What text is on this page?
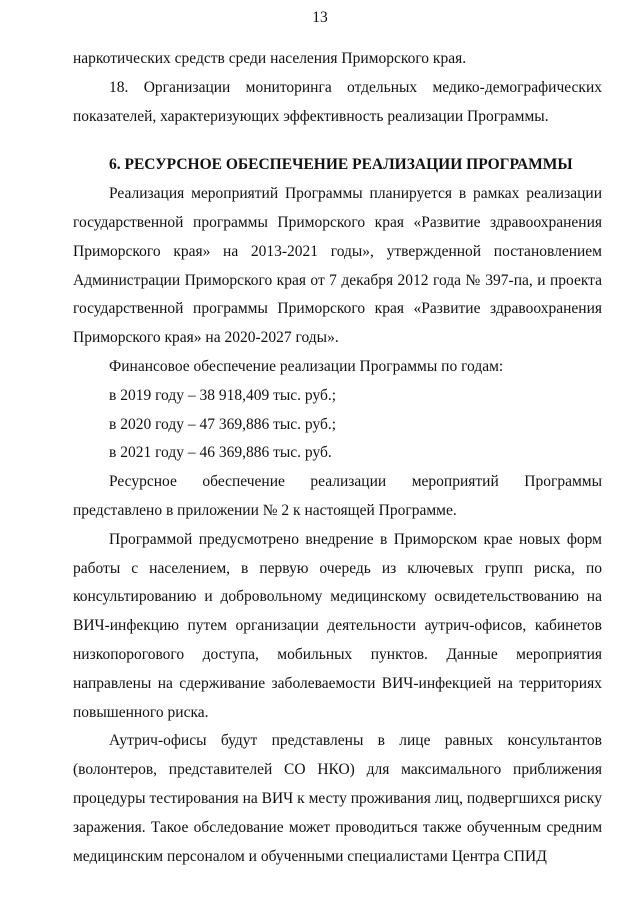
13

наркотических средств среди населения Приморского края.

18. Организации мониторинга отдельных медико-демографических показателей, характеризующих эффективность реализации Программы.

6. РЕСУРСНОЕ ОБЕСПЕЧЕНИЕ РЕАЛИЗАЦИИ ПРОГРАММЫ

Реализация мероприятий Программы планируется в рамках реализации государственной программы Приморского края «Развитие здравоохранения Приморского края» на 2013-2021 годы», утвержденной постановлением Администрации Приморского края от 7 декабря 2012 года № 397-па, и проекта государственной программы Приморского края «Развитие здравоохранения Приморского края» на 2020-2027 годы».

Финансовое обеспечение реализации Программы по годам:

в 2019 году – 38 918,409 тыс. руб.;

в 2020 году – 47 369,886 тыс. руб.;

в 2021 году – 46 369,886 тыс. руб.

Ресурсное обеспечение реализации мероприятий Программы

представлено в приложении № 2 к настоящей Программе.

Программой предусмотрено внедрение в Приморском крае новых форм работы с населением, в первую очередь из ключевых групп риска, по консультированию и добровольному медицинскому освидетельствованию на ВИЧ-инфекцию путем организации деятельности аутрич-офисов, кабинетов низкопорогового доступа, мобильных пунктов. Данные мероприятия направлены на сдерживание заболеваемости ВИЧ-инфекцией на территориях повышенного риска.

Аутрич-офисы будут представлены в лице равных консультантов (волонтеров, представителей СО НКО) для максимального приближения процедуры тестирования на ВИЧ к месту проживания лиц, подвергшихся риску заражения. Такое обследование может проводиться также обученным средним медицинским персоналом и обученными специалистами Центра СПИД
